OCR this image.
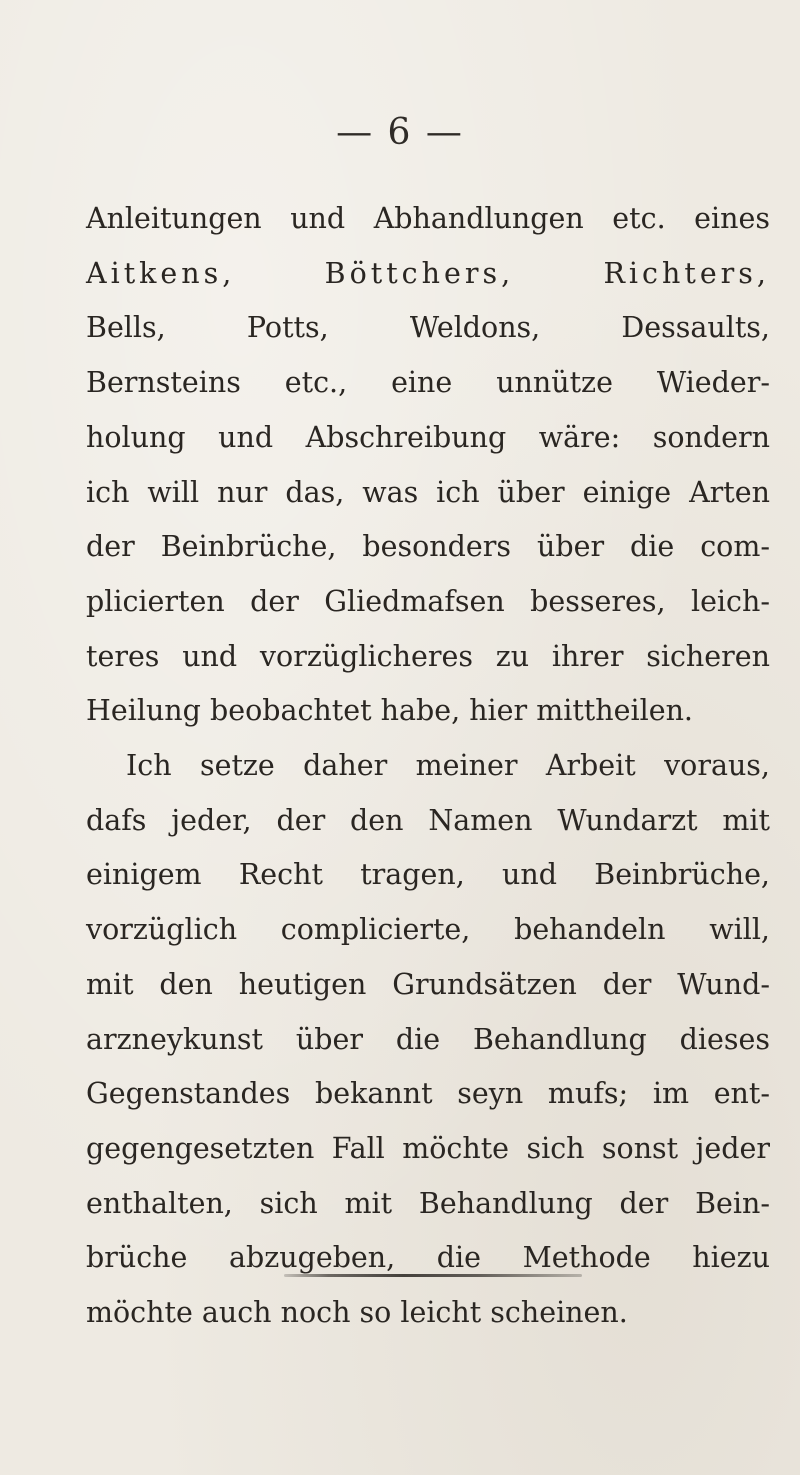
— 6 —
Anleitungen und Abhandlungen etc. eines
Aitkens, Böttchers, Richters,
Bells, Potts, Weldons, Dessaults,
Bernsteins etc., eine unnütze Wieder-
holung und Abschreibung wäre: sondern
ich will nur das, was ich über einige Arten
der Beinbrüche, besonders über die com-
plicierten der Gliedmafsen besseres, leich-
teres und vorzüglicheres zu ihrer sicheren
Heilung beobachtet habe, hier mittheilen.
Ich setze daher meiner Arbeit voraus,
dafs jeder, der den Namen Wundarzt mit
einigem Recht tragen, und Beinbrüche,
vorzüglich complicierte, behandeln will,
mit den heutigen Grundsätzen der Wund-
arzneykunst über die Behandlung dieses
Gegenstandes bekannt seyn mufs; im ent-
gegengesetzten Fall möchte sich sonst jeder
enthalten, sich mit Behandlung der Bein-
brüche abzugeben, die Methode hiezu
möchte auch noch so leicht scheinen.
